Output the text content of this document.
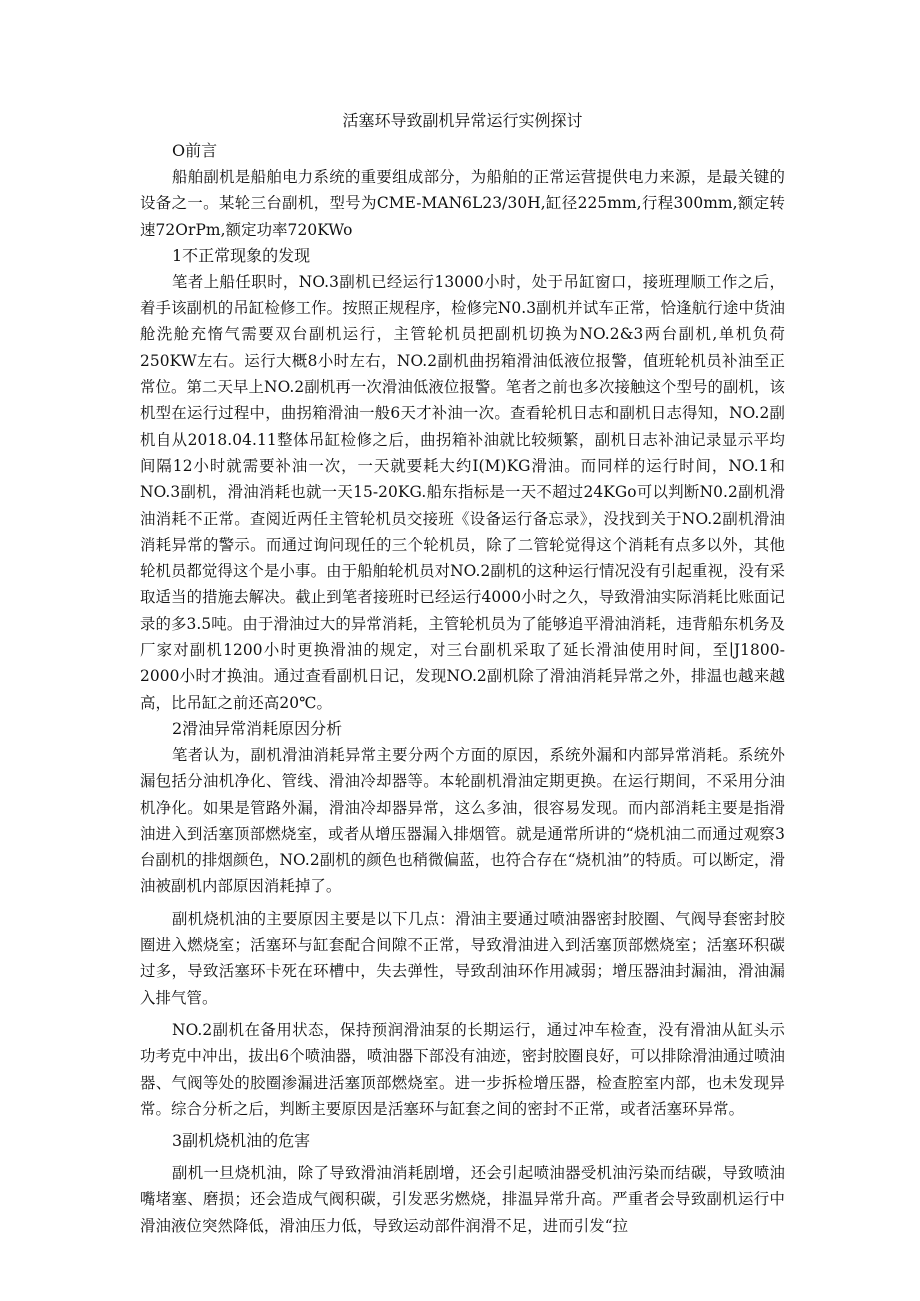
活塞环导致副机异常运行实例探讨
O前言

船舶副机是船舶电力系统的重要组成部分，为船舶的正常运营提供电力来源，是最关键的设备之一。某轮三台副机，型号为CME-MAN6L23/30H,缸径225mm,行程300mm,额定转速72OrPm,额定功率720KWo

1不正常现象的发现

笔者上船任职时，NO.3副机已经运行13000小时，处于吊缸窗口，接班理顺工作之后，着手该副机的吊缸检修工作。按照正规程序，检修完N0.3副机并试车正常，恰逢航行途中货油舱洗舱充惰气需要双台副机运行，主管轮机员把副机切换为NO.2&3两台副机,单机负荷250KW左右。运行大概8小时左右，NO.2副机曲拐箱滑油低液位报警，值班轮机员补油至正常位。第二天早上NO.2副机再一次滑油低液位报警。笔者之前也多次接触这个型号的副机，该机型在运行过程中，曲拐箱滑油一般6天才补油一次。查看轮机日志和副机日志得知，NO.2副机自从2018.04.11整体吊缸检修之后，曲拐箱补油就比较频繁，副机日志补油记录显示平均间隔12小时就需要补油一次，一天就要耗大约I(M)KG滑油。而同样的运行时间，NO.1和NO.3副机，滑油消耗也就一天15-20KG.船东指标是一天不超过24KGo可以判断N0.2副机滑油消耗不正常。查阅近两任主管轮机员交接班《设备运行备忘录》，没找到关于NO.2副机滑油消耗异常的警示。而通过询问现任的三个轮机员，除了二管轮觉得这个消耗有点多以外，其他轮机员都觉得这个是小事。由于船舶轮机员对NO.2副机的这种运行情况没有引起重视，没有采取适当的措施去解决。截止到笔者接班时已经运行4000小时之久，导致滑油实际消耗比账面记录的多3.5吨。由于滑油过大的异常消耗，主管轮机员为了能够追平滑油消耗，违背船东机务及厂家对副机1200小时更换滑油的规定，对三台副机采取了延长滑油使用时间，至∣J1800-2000小时才换油。通过查看副机日记，发现NO.2副机除了滑油消耗异常之外，排温也越来越高，比吊缸之前还高20℃。

2滑油异常消耗原因分析

笔者认为，副机滑油消耗异常主要分两个方面的原因，系统外漏和内部异常消耗。系统外漏包括分油机净化、管线、滑油冷却器等。本轮副机滑油定期更换。在运行期间，不采用分油机净化。如果是管路外漏，滑油冷却器异常，这么多油，很容易发现。而内部消耗主要是指滑油进入到活塞顶部燃烧室，或者从增压器漏入排烟管。就是通常所讲的“烧机油二而通过观察3台副机的排烟颜色，NO.2副机的颜色也稍微偏蓝，也符合存在“烧机油”的特质。可以断定，滑油被副机内部原因消耗掉了。

副机烧机油的主要原因主要是以下几点：滑油主要通过喷油器密封胶圈、气阀导套密封胶圈进入燃烧室；活塞环与缸套配合间隙不正常，导致滑油进入到活塞顶部燃烧室；活塞环积碳过多，导致活塞环卡死在环槽中，失去弹性，导致刮油环作用减弱；增压器油封漏油，滑油漏入排气管。

NO.2副机在备用状态，保持预润滑油泵的长期运行，通过冲车检查，没有滑油从缸头示功考克中冲出，拔出6个喷油器，喷油器下部没有油迹，密封胶圈良好，可以排除滑油通过喷油器、气阀等处的胶圈渗漏进活塞顶部燃烧室。进一步拆检增压器，检查腔室内部，也未发现异常。综合分析之后，判断主要原因是活塞环与缸套之间的密封不正常，或者活塞环异常。

3副机烧机油的危害

副机一旦烧机油，除了导致滑油消耗剧增，还会引起喷油器受机油污染而结碳，导致喷油嘴堵塞、磨损；还会造成气阀积碳，引发恶劣燃烧，排温异常升高。严重者会导致副机运行中滑油液位突然降低，滑油压力低，导致运动部件润滑不足，进而引发“拉
